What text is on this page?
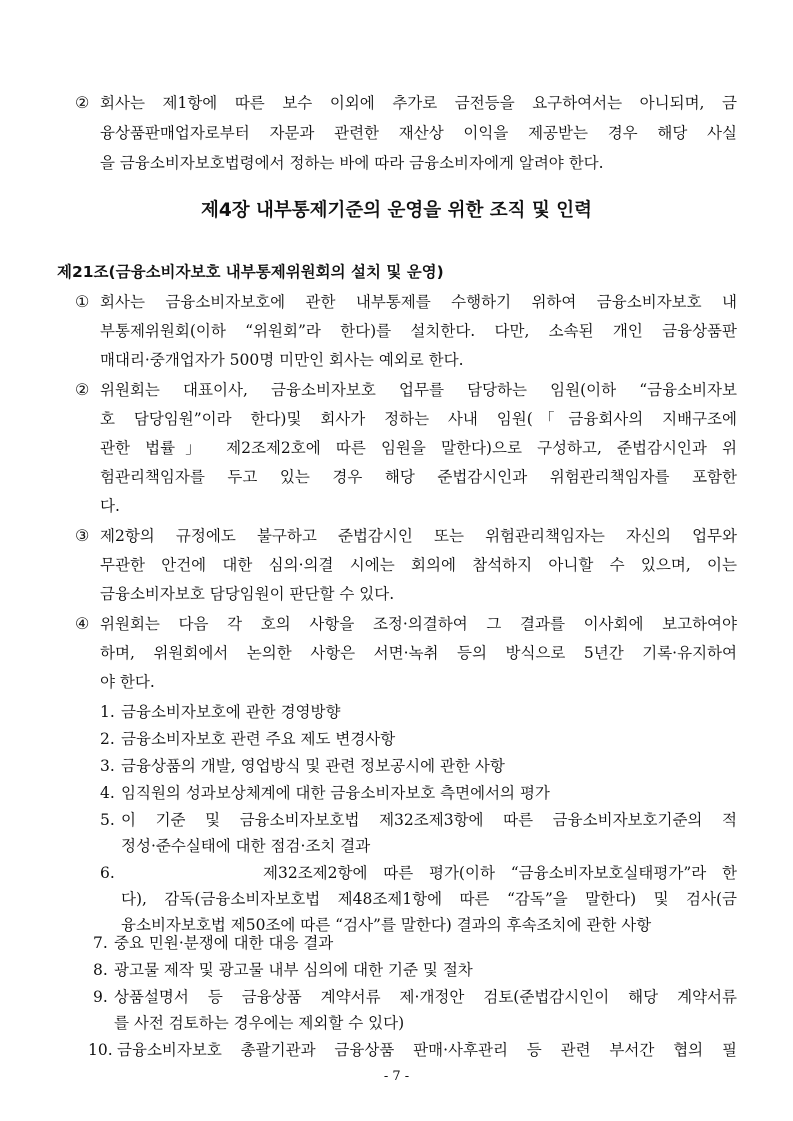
② 회사는 제1항에 따른 보수 이외에 추가로 금전등을 요구하여서는 아니되며, 금
융상품판매업자로부터 자문과 관련한 재산상 이익을 제공받는 경우 해당 사실
을 금융소비자보호법령에서 정하는 바에 따라 금융소비자에게 알려야 한다.
제4장 내부통제기준의 운영을 위한 조직 및 인력
제21조(금융소비자보호 내부통제위원회의 설치 및 운영)
① 회사는 금융소비자보호에 관한 내부통제를 수행하기 위하여 금융소비자보호 내
부통제위원회(이하 “위원회”라 한다)를 설치한다. 다만, 소속된 개인 금융상품판
매대리·중개업자가 500명 미만인 회사는 예외로 한다.
② 위원회는 대표이사, 금융소비자보호 업무를 담당하는 임원(이하 “금융소비자보
호 담당임원”이라 한다)및 회사가 정하는 사내 임원(「금융회사의 지배구조에
관한 법률」 제2조제2호에 따른 임원을 말한다)으로 구성하고, 준법감시인과 위
험관리책임자를 두고 있는 경우 해당 준법감시인과 위험관리책임자를 포함한
다.
③ 제2항의 규정에도 불구하고 준법감시인 또는 위험관리책임자는 자신의 업무와
무관한 안건에 대한 심의·의결 시에는 회의에 참석하지 아니할 수 있으며, 이는
금융소비자보호 담당임원이 판단할 수 있다.
④ 위원회는 다음 각 호의 사항을 조정·의결하여 그 결과를 이사회에 보고하여야
하며, 위원회에서 논의한 사항은 서면·녹취 등의 방식으로 5년간 기록·유지하여
야 한다.
1. 금융소비자보호에 관한 경영방향
2. 금융소비자보호 관련 주요 제도 변경사항
3. 금융상품의 개발, 영업방식 및 관련 정보공시에 관한 사항
4. 임직원의 성과보상체계에 대한 금융소비자보호 측면에서의 평가
5. 이 기준 및 금융소비자보호법 제32조제3항에 따른 금융소비자보호기준의 적
정성·준수실태에 대한 점검·조치 결과
6.	제32조제2항에 따른 평가(이하 “금융소비자보호실태평가”라 한
다), 감독(금융소비자보호법 제48조제1항에 따른 “감독”을 말한다) 및 검사(금
융소비자보호법 제50조에 따른 “검사”를 말한다) 결과의 후속조치에 관한 사항
7. 중요 민원·분쟁에 대한 대응 결과
8. 광고물 제작 및 광고물 내부 심의에 대한 기준 및 절차
9. 상품설명서 등 금융상품 계약서류 제·개정안 검토(준법감시인이 해당 계약서류
를 사전 검토하는 경우에는 제외할 수 있다)
- 7 -
10. 금융소비자보호 총괄기관과 금융상품 판매·사후관리 등 관련 부서간 협의 필
